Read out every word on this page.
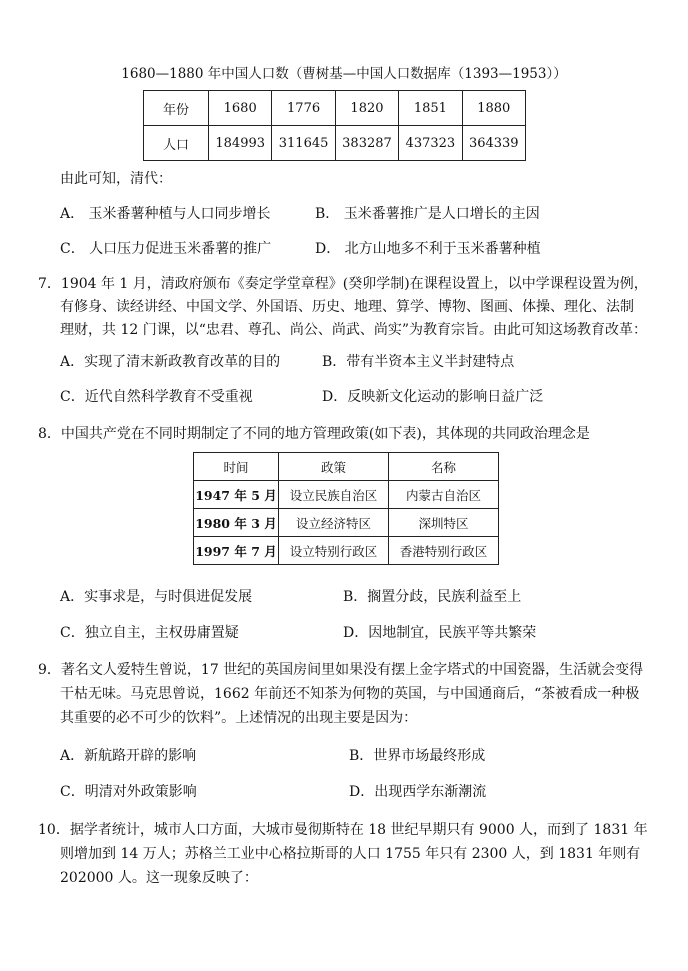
1680—1880 年中国人口数（曹树基—中国人口数据库（1393—1953））
年份	1680	1776	1820	1851	1880
人口	184993	311645	383287	437323	364339
由此可知，清代：
A． 玉米番薯种植与人口同步增长	B． 玉米番薯推广是人口增长的主因
C． 人口压力促进玉米番薯的推广	D． 北方山地多不利于玉米番薯种植
7．1904 年 1 月，清政府颁布《奏定学堂章程》(癸卯学制)在课程设置上，以中学课程设置为例，
有修身、读经讲经、中国文学、外国语、历史、地理、算学、博物、图画、体操、理化、法制
理财，共 12 门课，以“忠君、尊孔、尚公、尚武、尚实”为教育宗旨。由此可知这场教育改革：
A．实现了清末新政教育改革的目的	B．带有半资本主义半封建特点
C．近代自然科学教育不受重视	D．反映新文化运动的影响日益广泛
8．中国共产党在不同时期制定了不同的地方管理政策(如下表)，其体现的共同政治理念是
时间	政策	名称
1947 年 5 月	设立民族自治区	内蒙古自治区
1980 年 3 月	设立经济特区	深圳特区
1997 年 7 月	设立特别行政区	香港特别行政区
A．实事求是，与时俱进促发展	B．搁置分歧，民族利益至上
C．独立自主，主权毋庸置疑	D．因地制宜，民族平等共繁荣
9．著名文人爱特生曾说，17 世纪的英国房间里如果没有摆上金字塔式的中国瓷器，生活就会变得
干枯无味。马克思曾说，1662 年前还不知茶为何物的英国，与中国通商后，“茶被看成一种极
其重要的必不可少的饮料”。上述情况的出现主要是因为：
A．新航路开辟的影响	B．世界市场最终形成
C．明清对外政策影响	D．出现西学东渐潮流
10．据学者统计，城市人口方面，大城市曼彻斯特在 18 世纪早期只有 9000 人，而到了 1831 年
则增加到 14 万人；苏格兰工业中心格拉斯哥的人口 1755 年只有 2300 人，到 1831 年则有
202000 人。这一现象反映了：
